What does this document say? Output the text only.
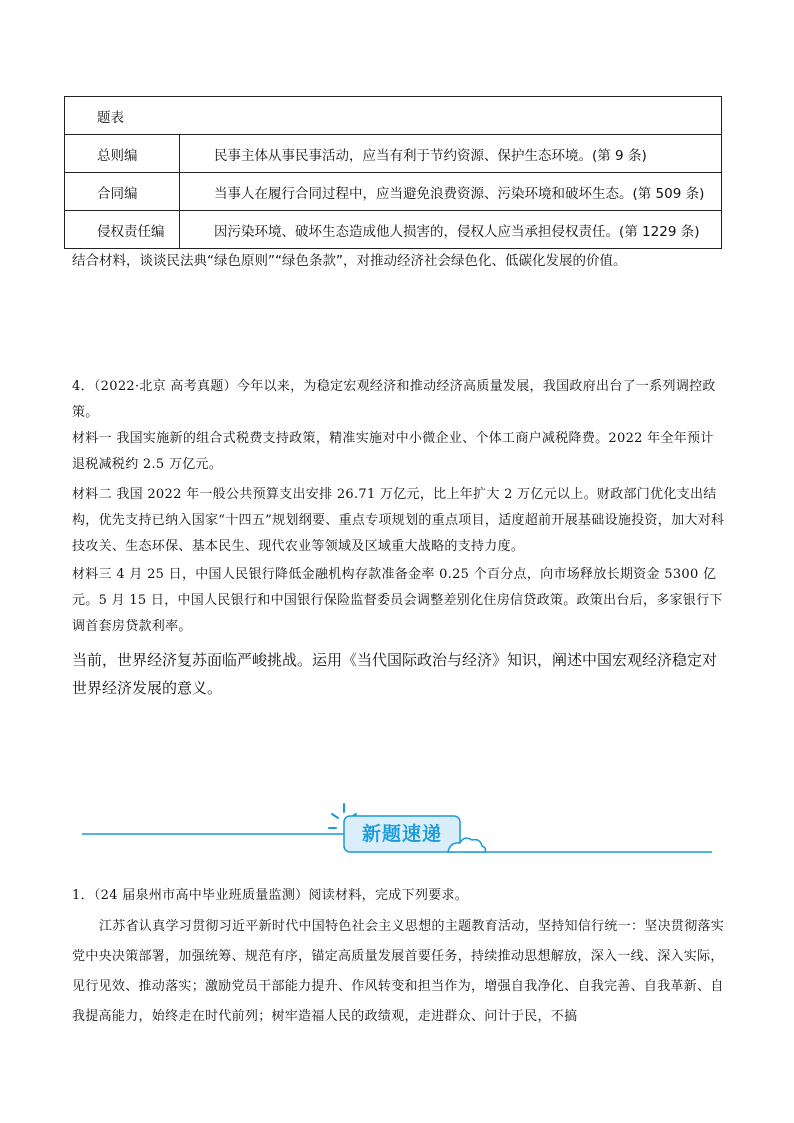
题表	
总则编	民事主体从事民事活动，应当有利于节约资源、保护生态环境。(第 9 条)
合同编	当事人在履行合同过程中，应当避免浪费资源、污染环境和破坏生态。(第 509 条)
侵权责任编	因污染环境、破坏生态造成他人损害的，侵权人应当承担侵权责任。(第 1229 条)

结合材料，谈谈民法典“绿色原则”“绿色条款”，对推动经济社会绿色化、低碳化发展的价值。

4．（2022·北京 高考真题）今年以来，为稳定宏观经济和推动经济高质量发展，我国政府出台了一系列调控政策。

材料一 我国实施新的组合式税费支持政策，精准实施对中小微企业、个体工商户减税降费。2022 年全年预计退税减税约 2.5 万亿元。

材料二 我国 2022 年一般公共预算支出安排 26.71 万亿元，比上年扩大 2 万亿元以上。财政部门优化支出结构，优先支持已纳入国家“十四五”规划纲要、重点专项规划的重点项目，适度超前开展基础设施投资，加大对科技攻关、生态环保、基本民生、现代农业等领域及区域重大战略的支持力度。

材料三 4 月 25 日，中国人民银行降低金融机构存款准备金率 0.25 个百分点，向市场释放长期资金 5300 亿元。5 月 15 日，中国人民银行和中国银行保险监督委员会调整差别化住房信贷政策。政策出台后，多家银行下调首套房贷款利率。

当前，世界经济复苏面临严峻挑战。运用《当代国际政治与经济》知识，阐述中国宏观经济稳定对世界经济发展的意义。

新题速递

1．（24 届泉州市高中毕业班质量监测）阅读材料，完成下列要求。

江苏省认真学习贯彻习近平新时代中国特色社会主义思想的主题教育活动，坚持知信行统一：坚决贯彻落实党中央决策部署，加强统筹、规范有序，锚定高质量发展首要任务，持续推动思想解放，深入一线、深入实际，见行见效、推动落实；激励党员干部能力提升、作风转变和担当作为，增强自我净化、自我完善、自我革新、自我提高能力，始终走在时代前列；树牢造福人民的政绩观，走进群众、问计于民，不搞
